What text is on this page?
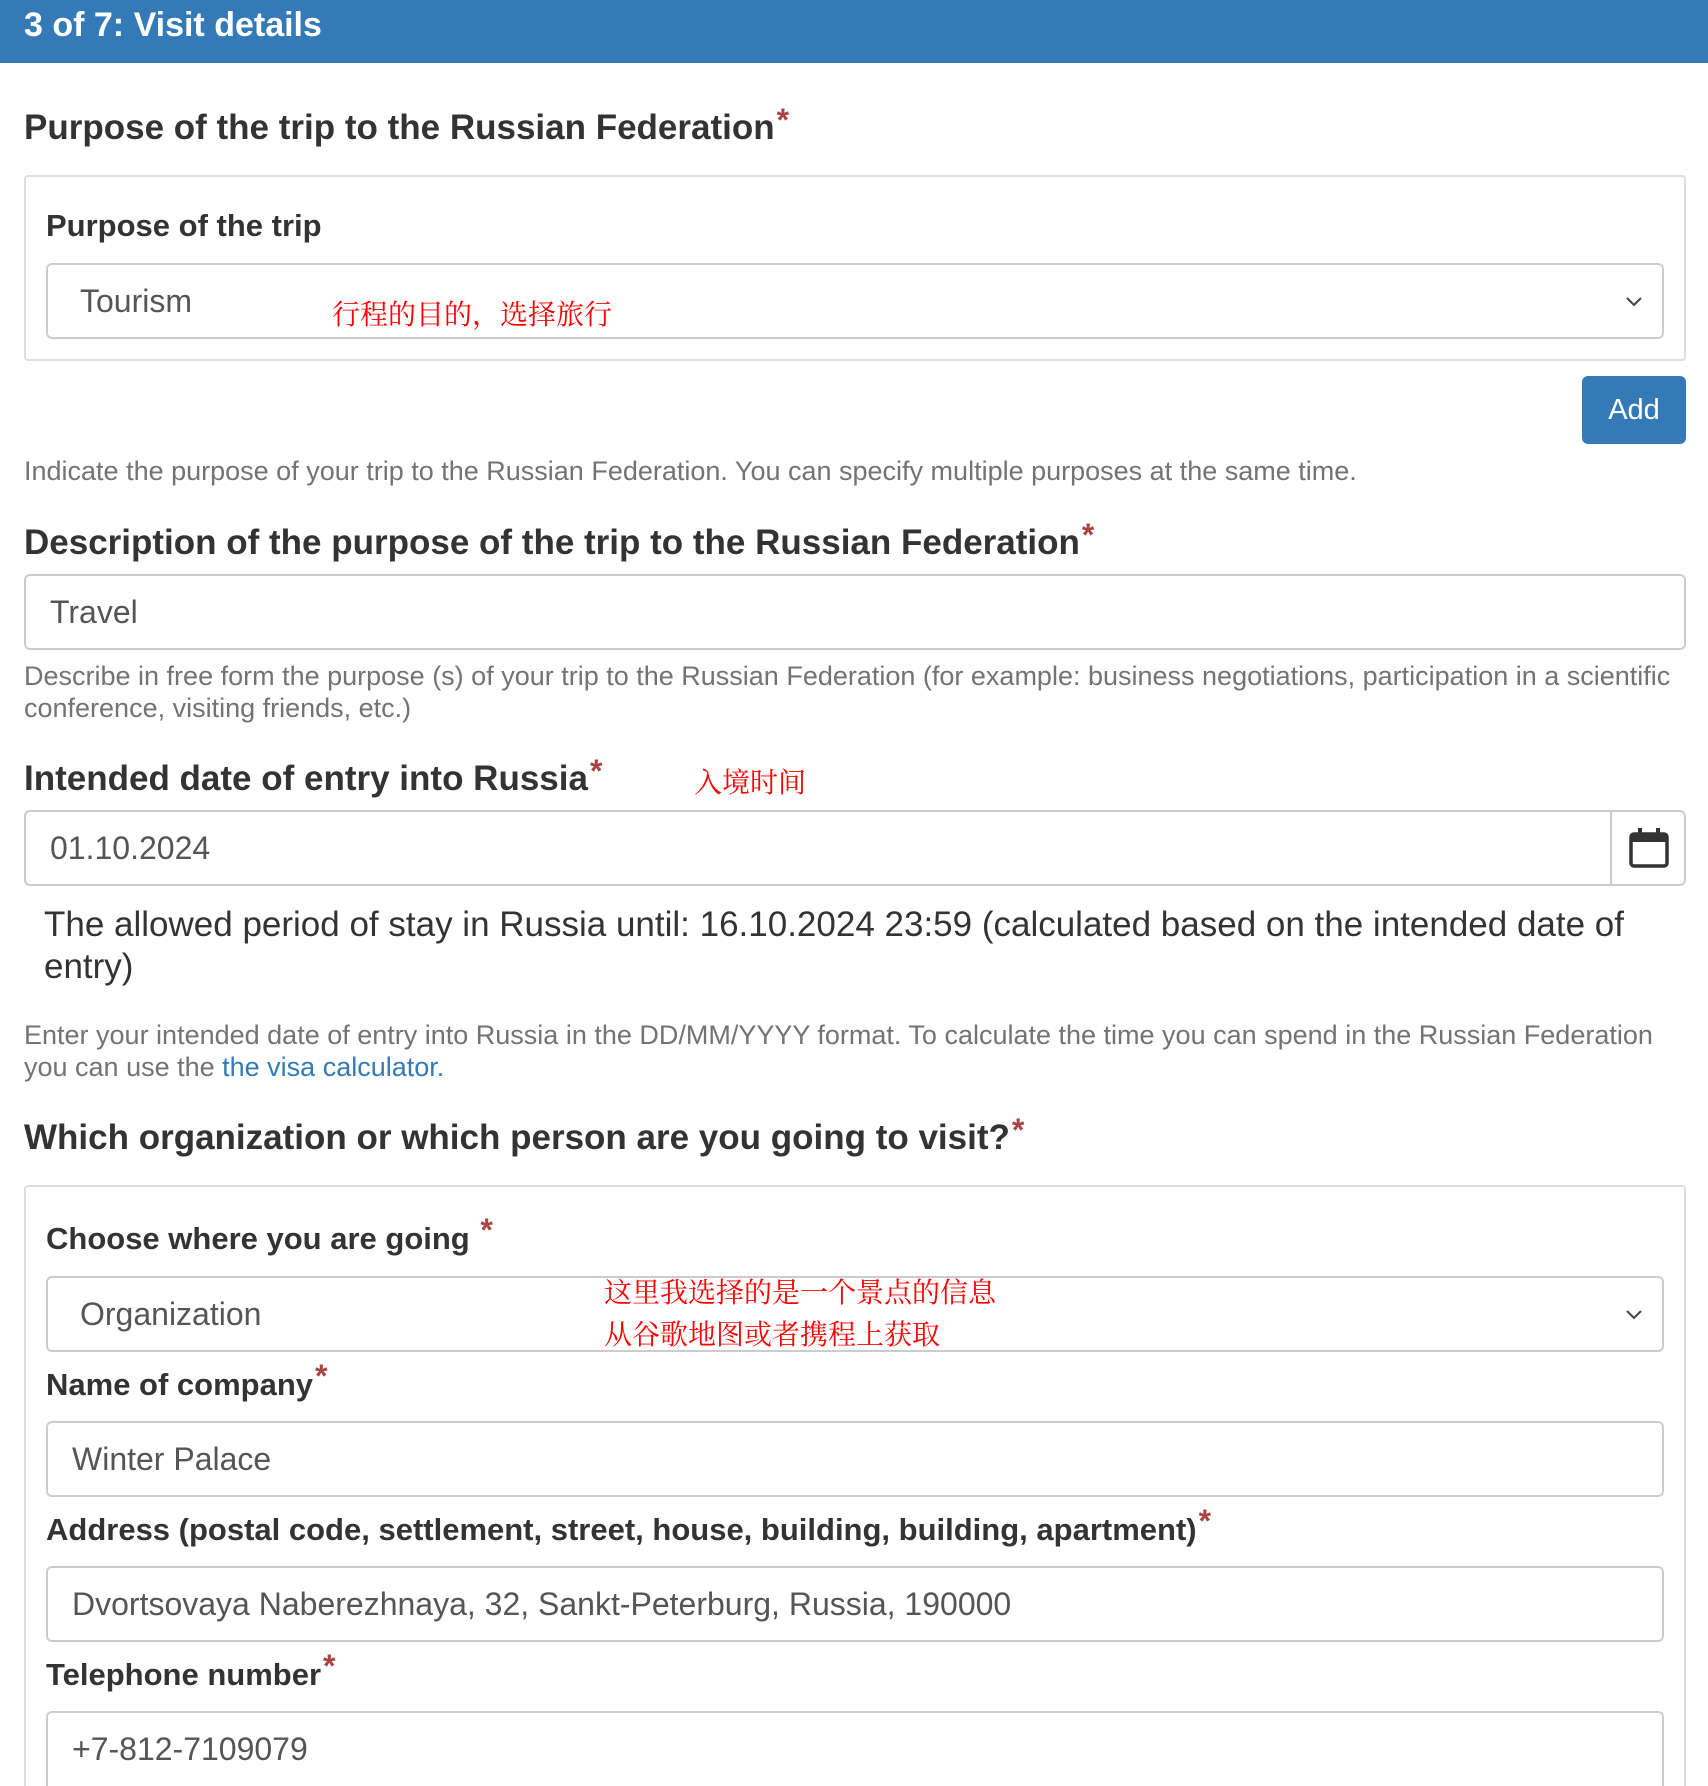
3 of 7: Visit details
Purpose of the trip to the Russian Federation*
Purpose of the trip
Tourism	行程的目的，选择旅行
Add
Indicate the purpose of your trip to the Russian Federation. You can specify multiple purposes at the same time.
Description of the purpose of the trip to the Russian Federation*
Travel
Describe in free form the purpose (s) of your trip to the Russian Federation (for example: business negotiations, participation in a scientific conference, visiting friends, etc.)
Intended date of entry into Russia*	入境时间
01.10.2024
The allowed period of stay in Russia until: 16.10.2024 23:59 (calculated based on the intended date of entry)
Enter your intended date of entry into Russia in the DD/MM/YYYY format. To calculate the time you can spend in the Russian Federation you can use the the visa calculator.
Which organization or which person are you going to visit?*
Choose where you are going *
Organization
这里我选择的是一个景点的信息
从谷歌地图或者携程上获取
Name of company*
Winter Palace
Address (postal code, settlement, street, house, building, building, apartment)*
Dvortsovaya Naberezhnaya, 32, Sankt-Peterburg, Russia, 190000
Telephone number*
+7-812-7109079
